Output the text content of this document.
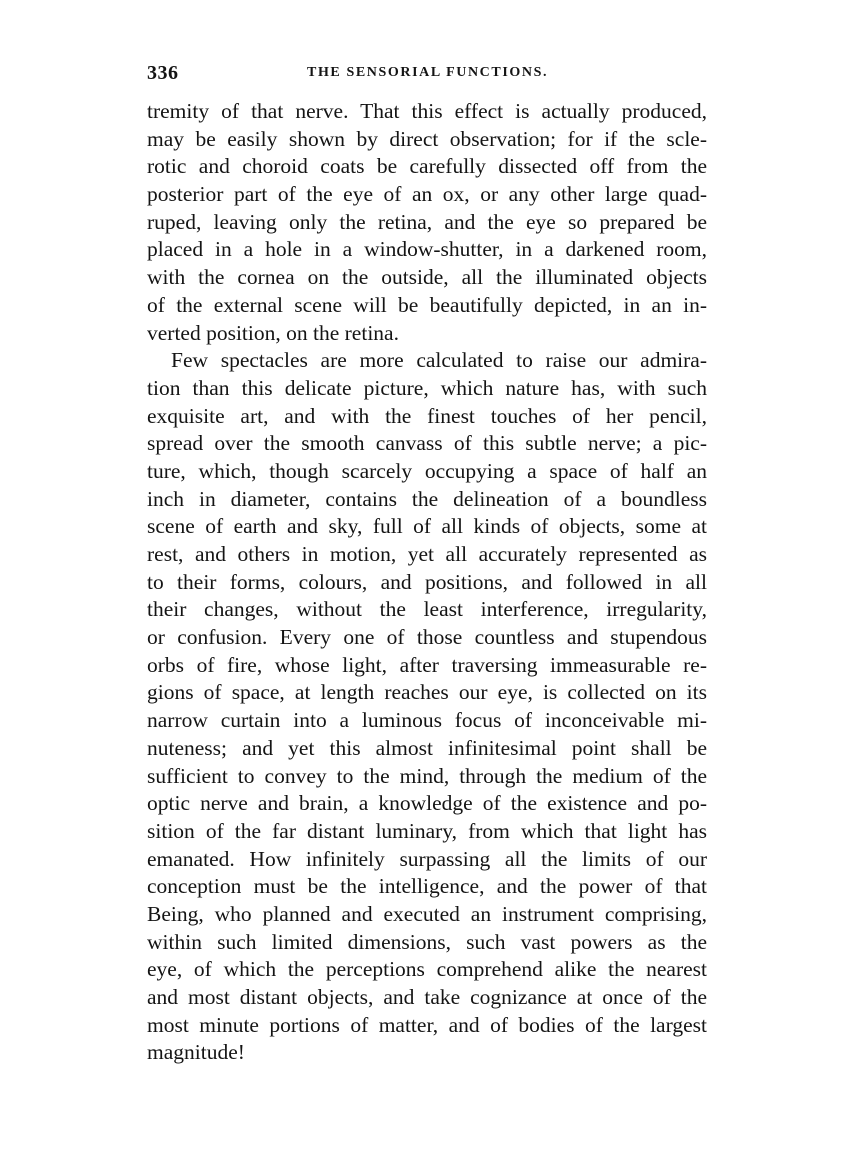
336	THE SENSORIAL FUNCTIONS.
tremity of that nerve. That this effect is actually produced,
may be easily shown by direct observation; for if the scle-
rotic and choroid coats be carefully dissected off from the
posterior part of the eye of an ox, or any other large quad-
ruped, leaving only the retina, and the eye so prepared be
placed in a hole in a window-shutter, in a darkened room,
with the cornea on the outside, all the illuminated objects
of the external scene will be beautifully depicted, in an in-
verted position, on the retina.
Few spectacles are more calculated to raise our admira-
tion than this delicate picture, which nature has, with such
exquisite art, and with the finest touches of her pencil,
spread over the smooth canvass of this subtle nerve; a pic-
ture, which, though scarcely occupying a space of half an
inch in diameter, contains the delineation of a boundless
scene of earth and sky, full of all kinds of objects, some at
rest, and others in motion, yet all accurately represented as
to their forms, colours, and positions, and followed in all
their changes, without the least interference, irregularity,
or confusion. Every one of those countless and stupendous
orbs of fire, whose light, after traversing immeasurable re-
gions of space, at length reaches our eye, is collected on its
narrow curtain into a luminous focus of inconceivable mi-
nuteness; and yet this almost infinitesimal point shall be
sufficient to convey to the mind, through the medium of the
optic nerve and brain, a knowledge of the existence and po-
sition of the far distant luminary, from which that light has
emanated. How infinitely surpassing all the limits of our
conception must be the intelligence, and the power of that
Being, who planned and executed an instrument comprising,
within such limited dimensions, such vast powers as the
eye, of which the perceptions comprehend alike the nearest
and most distant objects, and take cognizance at once of the
most minute portions of matter, and of bodies of the largest
magnitude!
